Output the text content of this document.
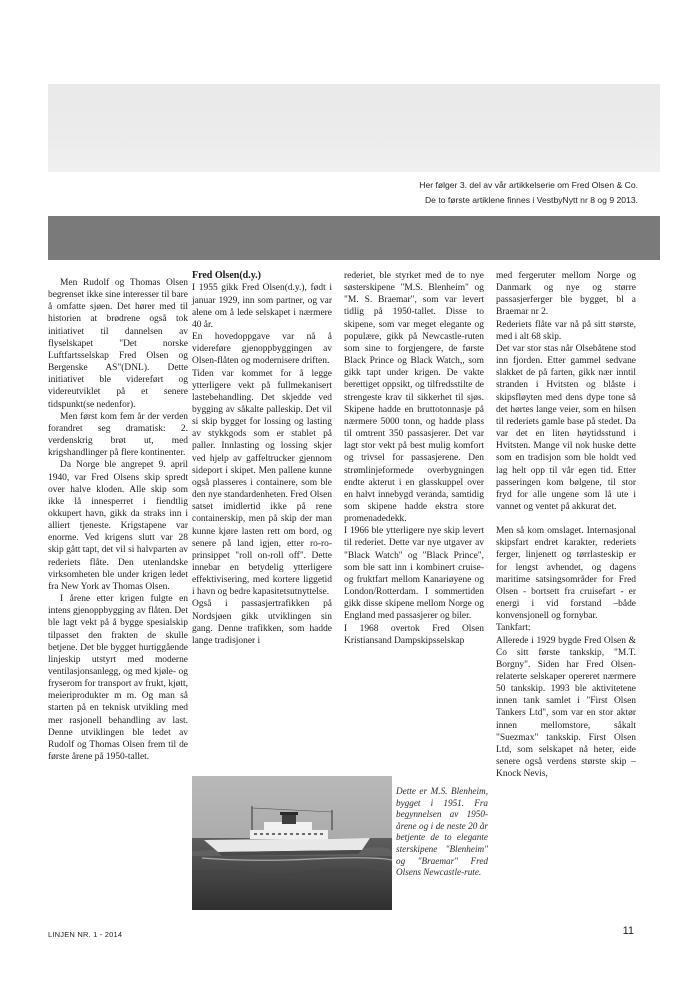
Her følger 3. del av vår artikkelserie om Fred Olsen & Co.
De to første artiklene finnes i VestbyNytt nr 8 og 9 2013.

Men Rudolf og Thomas Olsen begrenset ikke sine interesser til bare å omfatte sjøen. Det hører med til historien at brødrene også tok initiativet til dannelsen av flyselskapet "Det norske Luftfartsselskap Fred Olsen og Bergenske AS"(DNL). Dette initiativet ble videreført og videreutviklet på et senere tidspunkt(se nedenfor).

Men først kom fem år der verden forandret seg dramatisk: 2. verdenskrig brøt ut, med krigshandlinger på flere kontinenter.

Da Norge ble angrepet 9. april 1940, var Fred Olsens skip spredt over halve kloden. Alle skip som ikke lå innesperret i fiendtlig okkupert havn, gikk da straks inn i alliert tjeneste. Krigstapene var enorme. Ved krigens slutt var 28 skip gått tapt, det vil si halvparten av rederiets flåte. Den utenlandske virksomheten ble under krigen ledet fra New York av Thomas Olsen.

I årene etter krigen fulgte en intens gjenoppbygging av flåten. Det ble lagt vekt på å bygge spesialskip tilpasset den frakten de skulle betjene. Det ble bygget hurtiggående linjeskip utstyrt med moderne ventilasjonsanlegg, og med kjøle- og fryserom for transport av frukt, kjøtt, meieriprodukter m m. Og man så starten på en teknisk utvikling med mer rasjonell behandling av last. Denne utviklingen ble ledet av Rudolf og Thomas Olsen frem til de første årene på 1950-tallet.

Fred Olsen(d.y.)

I 1955 gikk Fred Olsen(d.y.), født i januar 1929, inn som partner, og var alene om å lede selskapet i nærmere 40 år.

En hovedoppgave var nå å videreføre gjenoppbyggingen av Olsen-flåten og modernisere driften.

Tiden var kommet for å legge ytterligere vekt på fullmekanisert lastebehandling. Det skjedde ved bygging av såkalte palleskip. Det vil si skip bygget for lossing og lasting av stykkgods som er stablet på paller. Innlasting og lossing skjer ved hjelp av gaffeltrucker gjennom sideport i skipet. Men pallene kunne også plasseres i containere, som ble den nye standardenheten. Fred Olsen satset imidlertid ikke på rene containerskip, men på skip der man kunne kjøre lasten rett om bord, og senere på land igjen, etter ro-ro-prinsippet "roll on-roll off". Dette innebar en betydelig ytterligere effektivisering, med kortere liggetid i havn og bedre kapasitetsutnyttelse.

Også i passasjertrafikken på Nordsjøen gikk utviklingen sin gang. Denne trafikken, som hadde lange tradisjoner i

rederiet, ble styrket med de to nye søsterskipene "M.S. Blenheim" og "M. S. Braemar", som var levert tidlig på 1950-tallet. Disse to skipene, som var meget elegante og populære, gikk på Newcastle-ruten som sine to forgjengere, de første Black Prince og Black Watch,, som gikk tapt under krigen. De vakte berettiget oppsikt, og tilfredsstilte de strengeste krav til sikkerhet til sjøs. Skipene hadde en bruttotonnasje på nærmere 5000 tonn, og hadde plass til omtrent 350 passasjerer. Det var lagt stor vekt på best mulig komfort og trivsel for passasjerene. Den strømlinjeformede overbygningen endte akterut i en glasskuppel over en halvt innebygd veranda, samtidig som skipene hadde ekstra store promenadedekk.

I 1966 ble ytterligere nye skip levert til rederiet. Dette var nye utgaver av "Black Watch" og "Black Prince", som ble satt inn i kombinert cruise- og fruktfart mellom Kanariøyene og London/Rotterdam. I sommertiden gikk disse skipene mellom Norge og England med passasjerer og biler.

I 1968 overtok Fred Olsen Kristiansand Dampskipsselskap

med fergeruter mellom Norge og Danmark og nye og større passasjerferger ble bygget, bl a Braemar nr 2.

Rederiets flåte var nå på sitt største, med i alt 68 skip.

Det var stor stas når Olsebåtene stod inn fjorden. Etter gammel sedvane slakket de på farten, gikk nær inntil stranden i Hvitsten og blåste i skipsfløyten med dens dype tone så det hørtes lange veier, som en hilsen til rederiets gamle base på stedet. Da var det en liten høytidsstund i Hvitsten. Mange vil nok huske dette som en tradisjon som ble holdt ved lag helt opp til vår egen tid. Etter passeringen kom bølgene, til stor fryd for alle ungene som lå ute i vannet og ventet på akkurat det.

Men så kom omslaget. Internasjonal skipsfart endret karakter, rederiets ferger, linjenett og tørrlasteskip er for lengst avhendet, og dagens maritime satsingsområder for Fred Olsen - bortsett fra cruisefart - er energi i vid forstand –både konvensjonell og fornybar.

Tankfart:

Allerede i 1929 bygde Fred Olsen & Co sitt første tankskip, "M.T. Borgny". Siden har Fred Olsen-relaterte selskaper opereret nærmere 50 tankskip. 1993 ble aktivitetene innen tank samlet i "First Olsen Tankers Ltd", som var en stor aktør innen mellomstore, såkalt "Suezmax" tankskip. First Olsen Ltd, som selskapet nå heter, eide senere også verdens største skip – Knock Nevis,

Dette er M.S. Blenheim, bygget i 1951. Fra begynnelsen av 1950-årene og i de neste 20 år betjente de to elegante sterskipene "Blenheim" og "Braemar" Fred Olsens Newcastle-rute.
LINJEN NR. 1 - 2014	11
